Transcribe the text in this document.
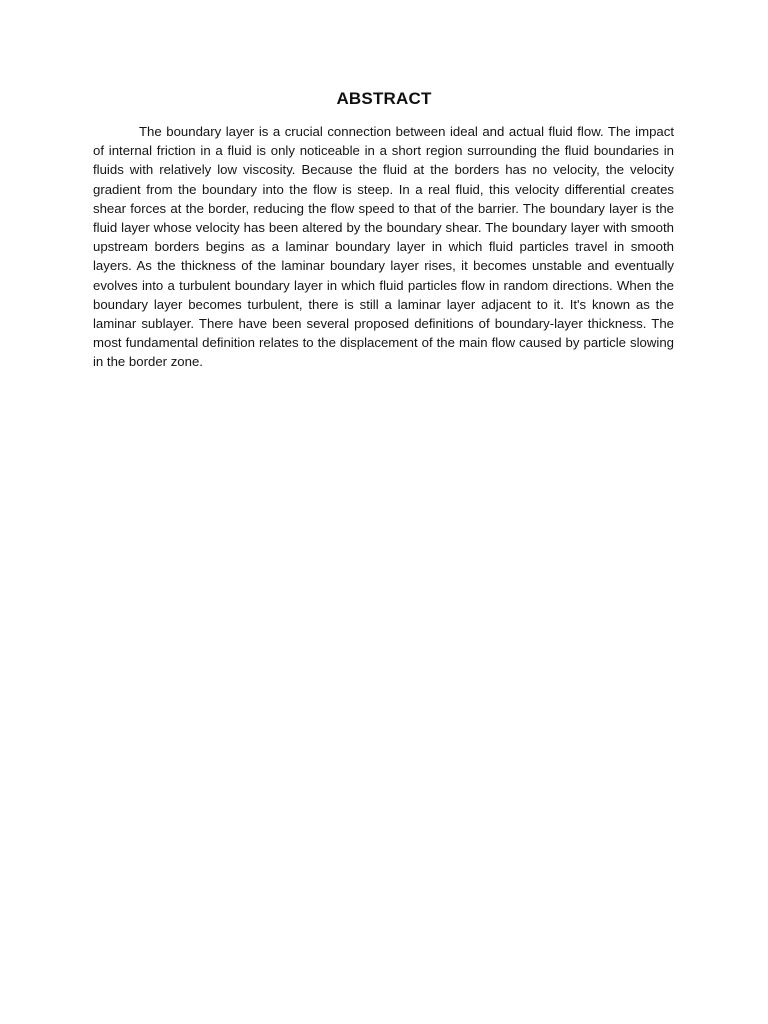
ABSTRACT

The boundary layer is a crucial connection between ideal and actual fluid flow. The impact of internal friction in a fluid is only noticeable in a short region surrounding the fluid boundaries in fluids with relatively low viscosity. Because the fluid at the borders has no velocity, the velocity gradient from the boundary into the flow is steep. In a real fluid, this velocity differential creates shear forces at the border, reducing the flow speed to that of the barrier. The boundary layer is the fluid layer whose velocity has been altered by the boundary shear. The boundary layer with smooth upstream borders begins as a laminar boundary layer in which fluid particles travel in smooth layers. As the thickness of the laminar boundary layer rises, it becomes unstable and eventually evolves into a turbulent boundary layer in which fluid particles flow in random directions. When the boundary layer becomes turbulent, there is still a laminar layer adjacent to it. It's known as the laminar sublayer. There have been several proposed definitions of boundary-layer thickness. The most fundamental definition relates to the displacement of the main flow caused by particle slowing in the border zone.
